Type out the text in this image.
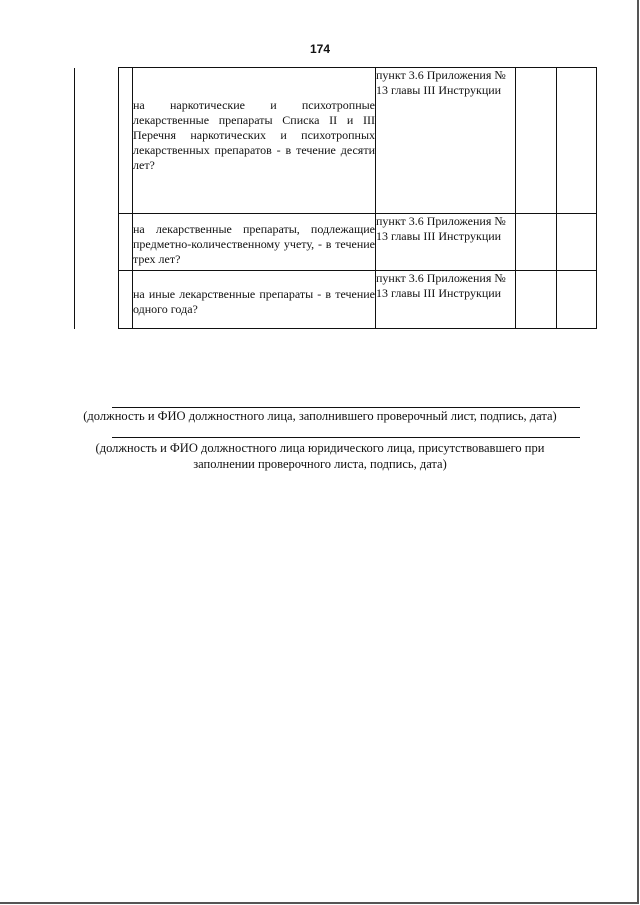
174
		на наркотические и психотропные лекарственные препараты Списка II и III Перечня наркотических и психотропных лекарственных препаратов - в течение десяти лет?	пункт 3.6 Приложения № 13 главы III Инструкции		
		на лекарственные препараты, подлежащие предметно-количественному учету, - в течение трех лет?	пункт 3.6 Приложения № 13 главы III Инструкции		
		на иные лекарственные препараты - в течение одного года?	пункт 3.6 Приложения № 13 главы III Инструкции		
(должность и ФИО должностного лица, заполнившего проверочный лист, подпись, дата)
(должность и ФИО должностного лица юридического лица, присутствовавшего при
заполнении проверочного листа, подпись, дата)
